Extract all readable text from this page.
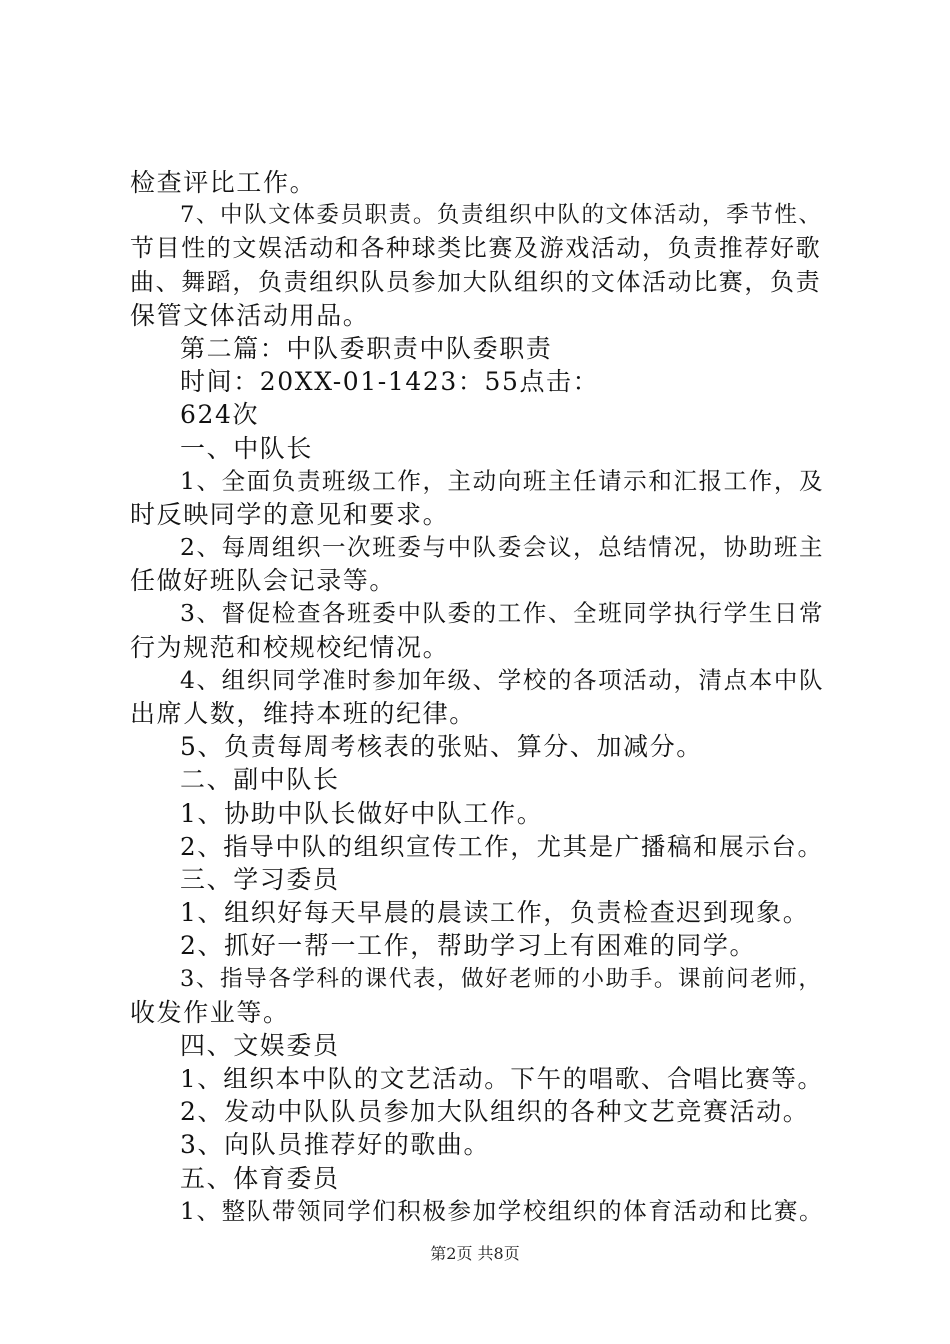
检查评比工作。
7、中队文体委员职责。负责组织中队的文体活动，季节性、
节目性的文娱活动和各种球类比赛及游戏活动，负责推荐好歌
曲、舞蹈，负责组织队员参加大队组织的文体活动比赛，负责
保管文体活动用品。
第二篇：中队委职责中队委职责
时间：20XX-01-1423：55点击：
624次
一、中队长
1、全面负责班级工作，主动向班主任请示和汇报工作，及
时反映同学的意见和要求。
2、每周组织一次班委与中队委会议，总结情况，协助班主
任做好班队会记录等。
3、督促检查各班委中队委的工作、全班同学执行学生日常
行为规范和校规校纪情况。
4、组织同学准时参加年级、学校的各项活动，清点本中队
出席人数，维持本班的纪律。
5、负责每周考核表的张贴、算分、加减分。
二、副中队长
1、协助中队长做好中队工作。
2、指导中队的组织宣传工作，尤其是广播稿和展示台。
三、学习委员
1、组织好每天早晨的晨读工作，负责检查迟到现象。
2、抓好一帮一工作，帮助学习上有困难的同学。
3、指导各学科的课代表，做好老师的小助手。课前问老师，
收发作业等。
四、文娱委员
1、组织本中队的文艺活动。下午的唱歌、合唱比赛等。
2、发动中队队员参加大队组织的各种文艺竞赛活动。
3、向队员推荐好的歌曲。
五、体育委员
1、整队带领同学们积极参加学校组织的体育活动和比赛。
第2页 共8页
